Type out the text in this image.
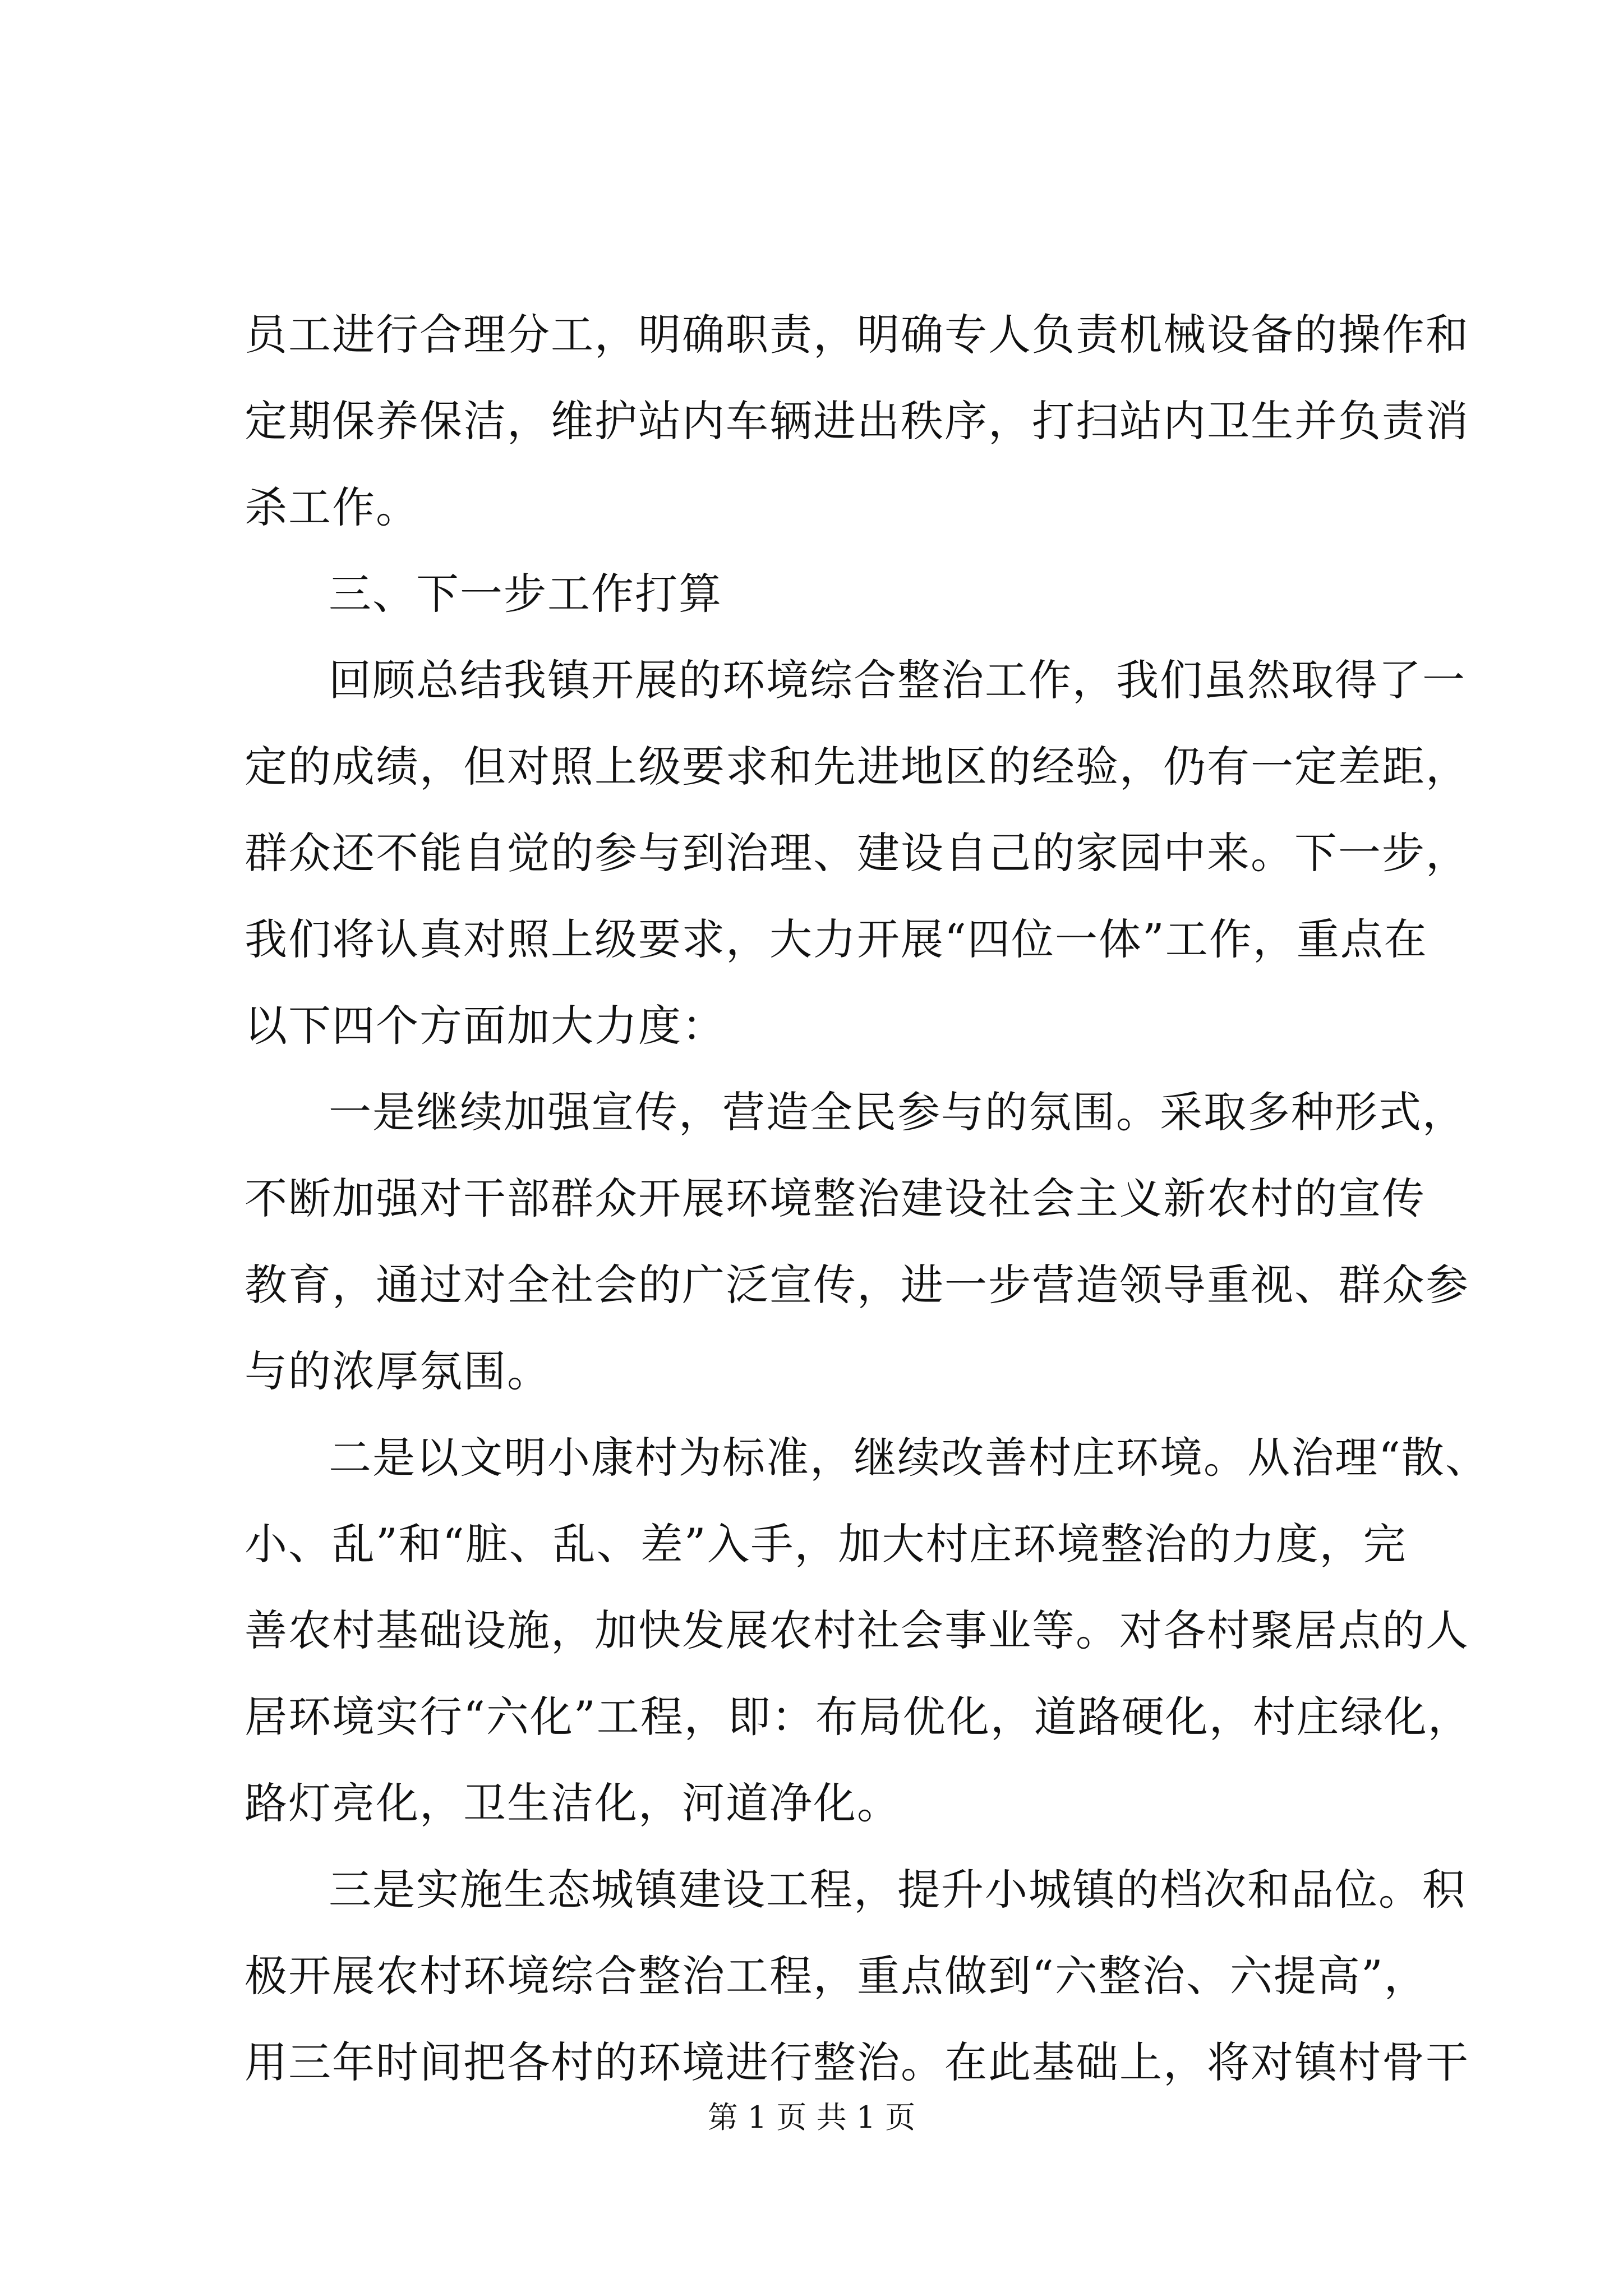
员工进行合理分工，明确职责，明确专人负责机械设备的操作和
定期保养保洁，维护站内车辆进出秩序，打扫站内卫生并负责消
杀工作。
三、下一步工作打算
回顾总结我镇开展的环境综合整治工作，我们虽然取得了一
定的成绩，但对照上级要求和先进地区的经验，仍有一定差距，
群众还不能自觉的参与到治理、建设自己的家园中来。下一步，
我们将认真对照上级要求，大力开展“四位一体”工作，重点在
以下四个方面加大力度：
一是继续加强宣传，营造全民参与的氛围。采取多种形式，
不断加强对干部群众开展环境整治建设社会主义新农村的宣传
教育，通过对全社会的广泛宣传，进一步营造领导重视、群众参
与的浓厚氛围。
二是以文明小康村为标准，继续改善村庄环境。从治理“散、
小、乱”和“脏、乱、差”入手，加大村庄环境整治的力度，完
善农村基础设施，加快发展农村社会事业等。对各村聚居点的人
居环境实行“六化”工程，即：布局优化，道路硬化，村庄绿化，
路灯亮化，卫生洁化，河道净化。
三是实施生态城镇建设工程，提升小城镇的档次和品位。积
极开展农村环境综合整治工程，重点做到“六整治、六提高”，
用三年时间把各村的环境进行整治。在此基础上，将对镇村骨干
第 1 页 共 1 页
